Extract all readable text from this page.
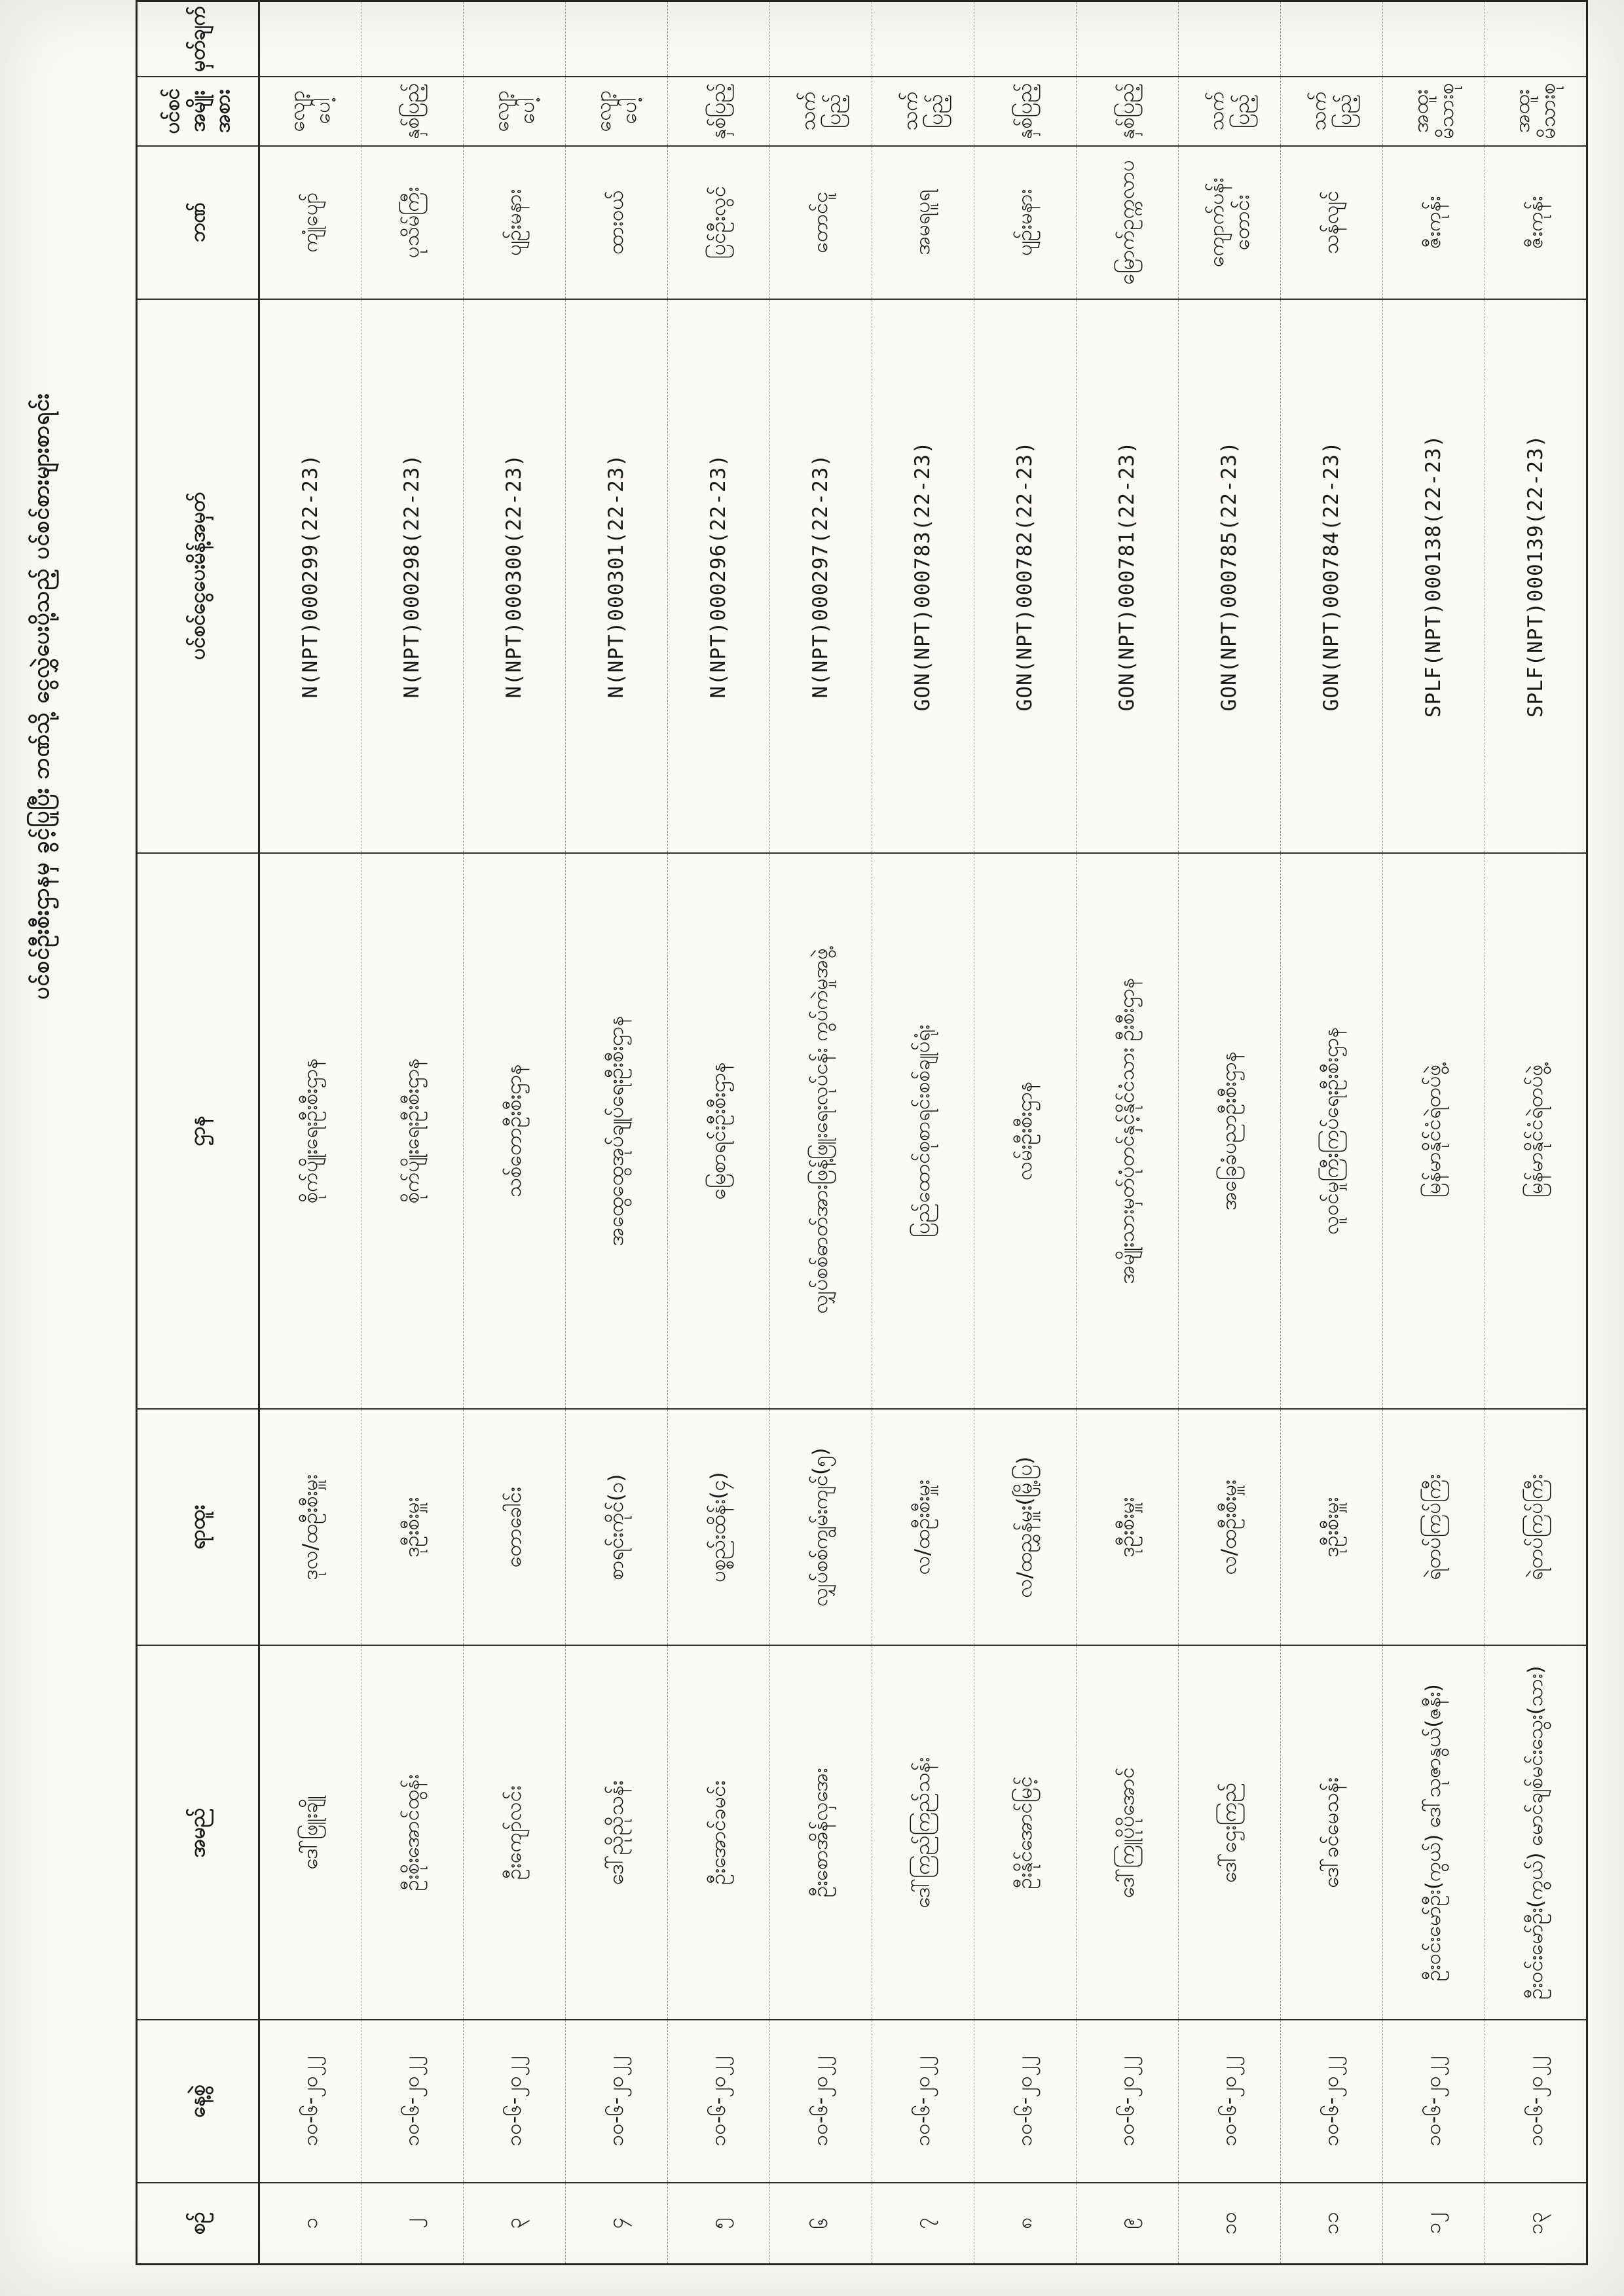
ပင်စင်ဦးစီးဌာနမှ ခွင့်ပြုပြီး ဘဏ်သို့ ငွေလွှဲပေးပို့သည့် ပင်စင်စားများစာရင်း
စဉ်	နေ့စွဲ	အမည်	ရာထူး	ဌာန	ပင်စင်ငွေပေးမိန့်အမှတ်	ဘဏ်	ပင်စင်အမျိုးအစား	မှတ်ချက်
၁	၁၀-၆-၂၀၂၂	ဒေါ်ဖြူးချို	ဒုလ/ထဦးစီးမှူး	စိုက်ပျိုးရေးဦးစီးဌာန	N(NPT)000299(22-23)	ကျုံပျော်	လျော့ပေါ့	
၂	၁၀-၆-၂၀၂၂	ဦးစိုးအောင်ထွန်း	ဒုဦးစီးမှူး	စိုက်ပျိုးရေးဦးစီးဌာန	N(NPT)000298(22-23)	ပုသိမ်ကြီး	နှစ်ပြည့်	
၃	၁၀-၆-၂၀၂၂	ဦးကျော်လင်း	တောခေါင်း	သစ်တောဦးစီးဌာန	N(NPT)000300(22-23)	ပျဉ်းမနား	လျော့ပေါ့	
၄	၁၀-၆-၂၀၂၂	ဒေါ်ညိုညိုသန်း	စာရင်းကိုင်(၁)	အထွေထွေအုပ်ချုပ်ရေးဦးစီးဌာန	N(NPT)000301(22-23)	ထားဝယ်	လျော့ပေါ့	
၅	၁၀-၆-၂၀၂၂	ဦးအောင်ခမင်း	ပစ္စည်းထိန်း(၄)	မြေစာရင်းဦးစီးဌာန	N(NPT)000296(22-23)	ပြင်ဦးလွင်	နှစ်ပြည့်	
၆	၁၀-၆-၂၀၂၂	ဦးစောအိန်လှအေး	လျှပ်စစ်ကျွမ်းကျင်(၅)	လျှပ်စစ်ဓာတ်အားဖြန့်ဖြူးရေးလုပ်ငန်း ကွပ်ကဲမှုအဖွဲ့	N(NPT)000297(22-23)	တောင်ငူ	သက်ပြည့်	
၇	၁၀-၆-၂၀၂၂	ဒေါ်ကြည်ကြည်သန်း	လ/ထဦးစီးမှူး	ပြည်ထောင်စုစာရင်းစစ်ချုပ်ရုံး	GON(NPT)000783(22-23)	အမရပူရ	သက်ပြည့်	
၈	၁၀-၆-၂၀၂၂	ဦးနိုင်အောင်မြင့်	လ/ထညွှန်မှူး(မြို့ပြ)	လမ်းဦးစီးဌာန	GON(NPT)000782(22-23)	ပျဉ်းမနား	နှစ်ပြည့်	
၉	၁၀-၆-၂၀၂၂	ဒေါ်ကြူပိုပိုအောင်	ဒုဦးစီးမှူး	အမျိုးသားမှတ်ပုံတင်နှင့်နိုင်ငံသား ဦးစီးဌာန	GON(NPT)000781(22-23)	မြောက်ဥက္ကလာပ	နှစ်ပြည့်	
၁၀	၁၀-၆-၂၀၂၂	ဒေါ်ဌေးကြည်	လ/ထဦးစီးမှူး	အခြေခံပညာဦးစီးဌာန	GON(NPT)000785(22-23)	ကျောက်ပန်းတောင်း	သက်ပြည့်	
၁၁	၁၀-၆-၂၀၂၂	ဒေါ်ခင်မေသန်း	ဒုဦးစီးမှူး	လူဝင်မှုကြီးကြပ်ရေးဦးစီးဌာန	GON(NPT)000784(22-23)	သန်လျင်	သက်ပြည့်	
၁၂	၁၀-၆-၂၀၂၂	ဦးဝင်းမော်ဦး(ကွယ်) ဒေါ်သုဇာနွယ်(ဇနီး)	ရဲတပ်ကြပ်ကြီး	မြန်မာနိုင်ငံရဲတပ်ဖွဲ့	SPLF(NPT)000138(22-23)	ဇီးကုန်း	အထူး မိသားစု	
၁၃	၁၀-၆-၂၀၂၂	ဦးဝင်းမော်ဦး(ကွယ်) မောင်ချစ်မင်းသွေး(သား)	ရဲတပ်ကြပ်ကြီး	မြန်မာနိုင်ငံရဲတပ်ဖွဲ့	SPLF(NPT)000139(22-23)	ဇီးကုန်း	အထူး မိသားစု	
